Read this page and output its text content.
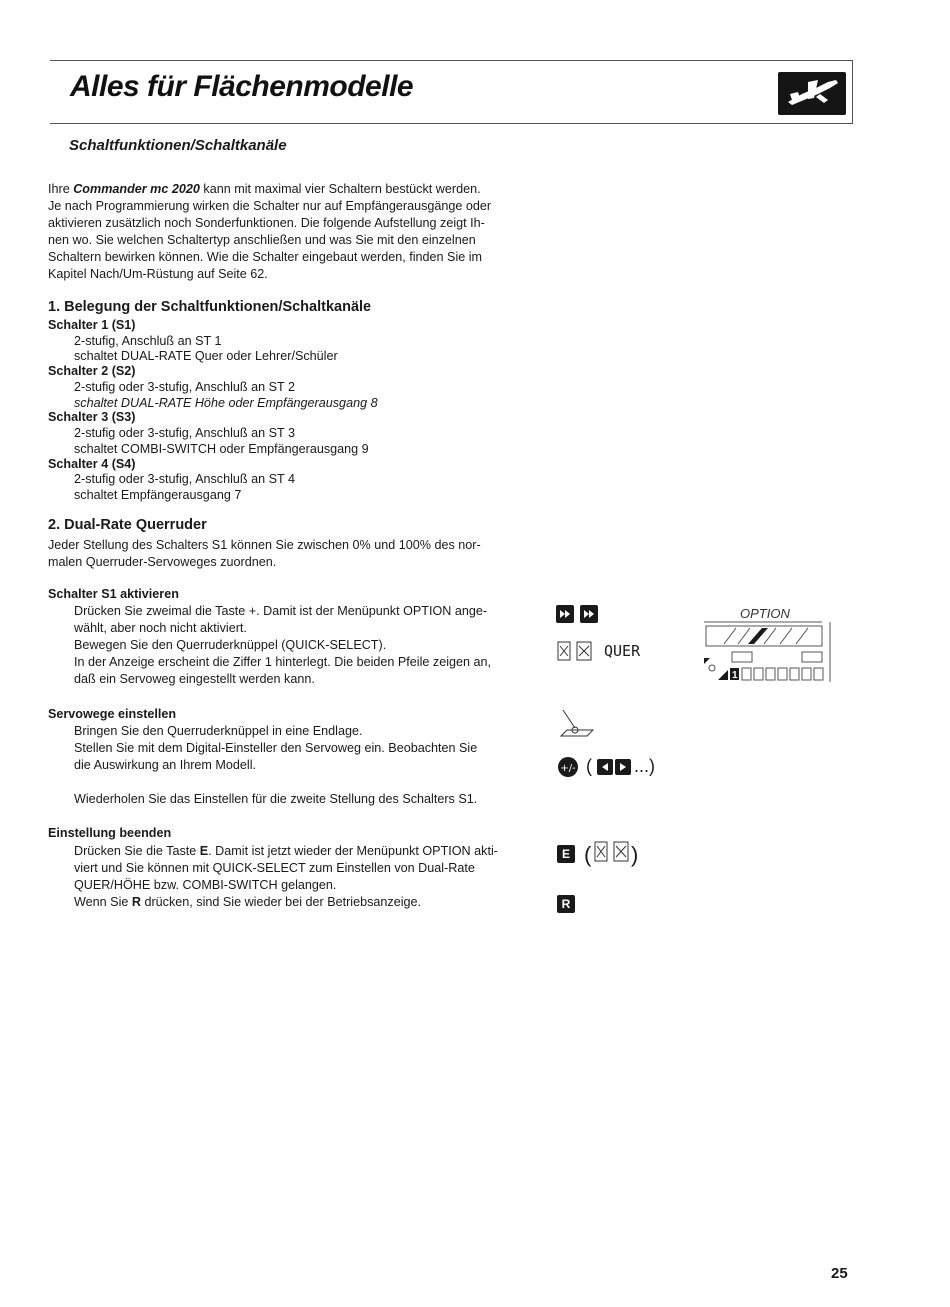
Alles für Flächenmodelle
Schaltfunktionen/Schaltkanäle
Ihre Commander mc 2020 kann mit maximal vier Schaltern bestückt werden.
Je nach Programmierung wirken die Schalter nur auf Empfängerausgänge oder
aktivieren zusätzlich noch Sonderfunktionen. Die folgende Aufstellung zeigt Ih-
nen wo. Sie welchen Schaltertyp anschließen und was Sie mit den einzelnen
Schaltern bewirken können. Wie die Schalter eingebaut werden, finden Sie im
Kapitel Nach/Um-Rüstung auf Seite 62.
1. Belegung der Schaltfunktionen/Schaltkanäle
Schalter 1 (S1)
2-stufig, Anschluß an ST 1
schaltet DUAL-RATE Quer oder Lehrer/Schüler
Schalter 2 (S2)
2-stufig oder 3-stufig, Anschluß an ST 2
schaltet DUAL-RATE Höhe oder Empfängerausgang 8
Schalter 3 (S3)
2-stufig oder 3-stufig, Anschluß an ST 3
schaltet COMBI-SWITCH oder Empfängerausgang 9
Schalter 4 (S4)
2-stufig oder 3-stufig, Anschluß an ST 4
schaltet Empfängerausgang 7
2. Dual-Rate Querruder
Jeder Stellung des Schalters S1 können Sie zwischen 0% und 100% des nor-
malen Querruder-Servoweges zuordnen.
Schalter S1 aktivieren
Drücken Sie zweimal die Taste +. Damit ist der Menüpunkt OPTION ange-
wählt, aber noch nicht aktiviert.
Bewegen Sie den Querruderknüppel (QUICK-SELECT).
In der Anzeige erscheint die Ziffer 1 hinterlegt. Die beiden Pfeile zeigen an,
daß ein Servoweg eingestellt werden kann.
Servowege einstellen
Bringen Sie den Querruderknüppel in eine Endlage.
Stellen Sie mit dem Digital-Einsteller den Servoweg ein. Beobachten Sie
die Auswirkung an Ihrem Modell.
Wiederholen Sie das Einstellen für die zweite Stellung des Schalters S1.
Einstellung beenden
Drücken Sie die Taste E. Damit ist jetzt wieder der Menüpunkt OPTION akti-
viert und Sie können mit QUICK-SELECT zum Einstellen von Dual-Rate
QUER/HÖHE bzw. COMBI-SWITCH gelangen.
Wenn Sie R drücken, sind Sie wieder bei der Betriebsanzeige.
QUER
+/- ( ...)
E ( )
R
OPTION
1
25
